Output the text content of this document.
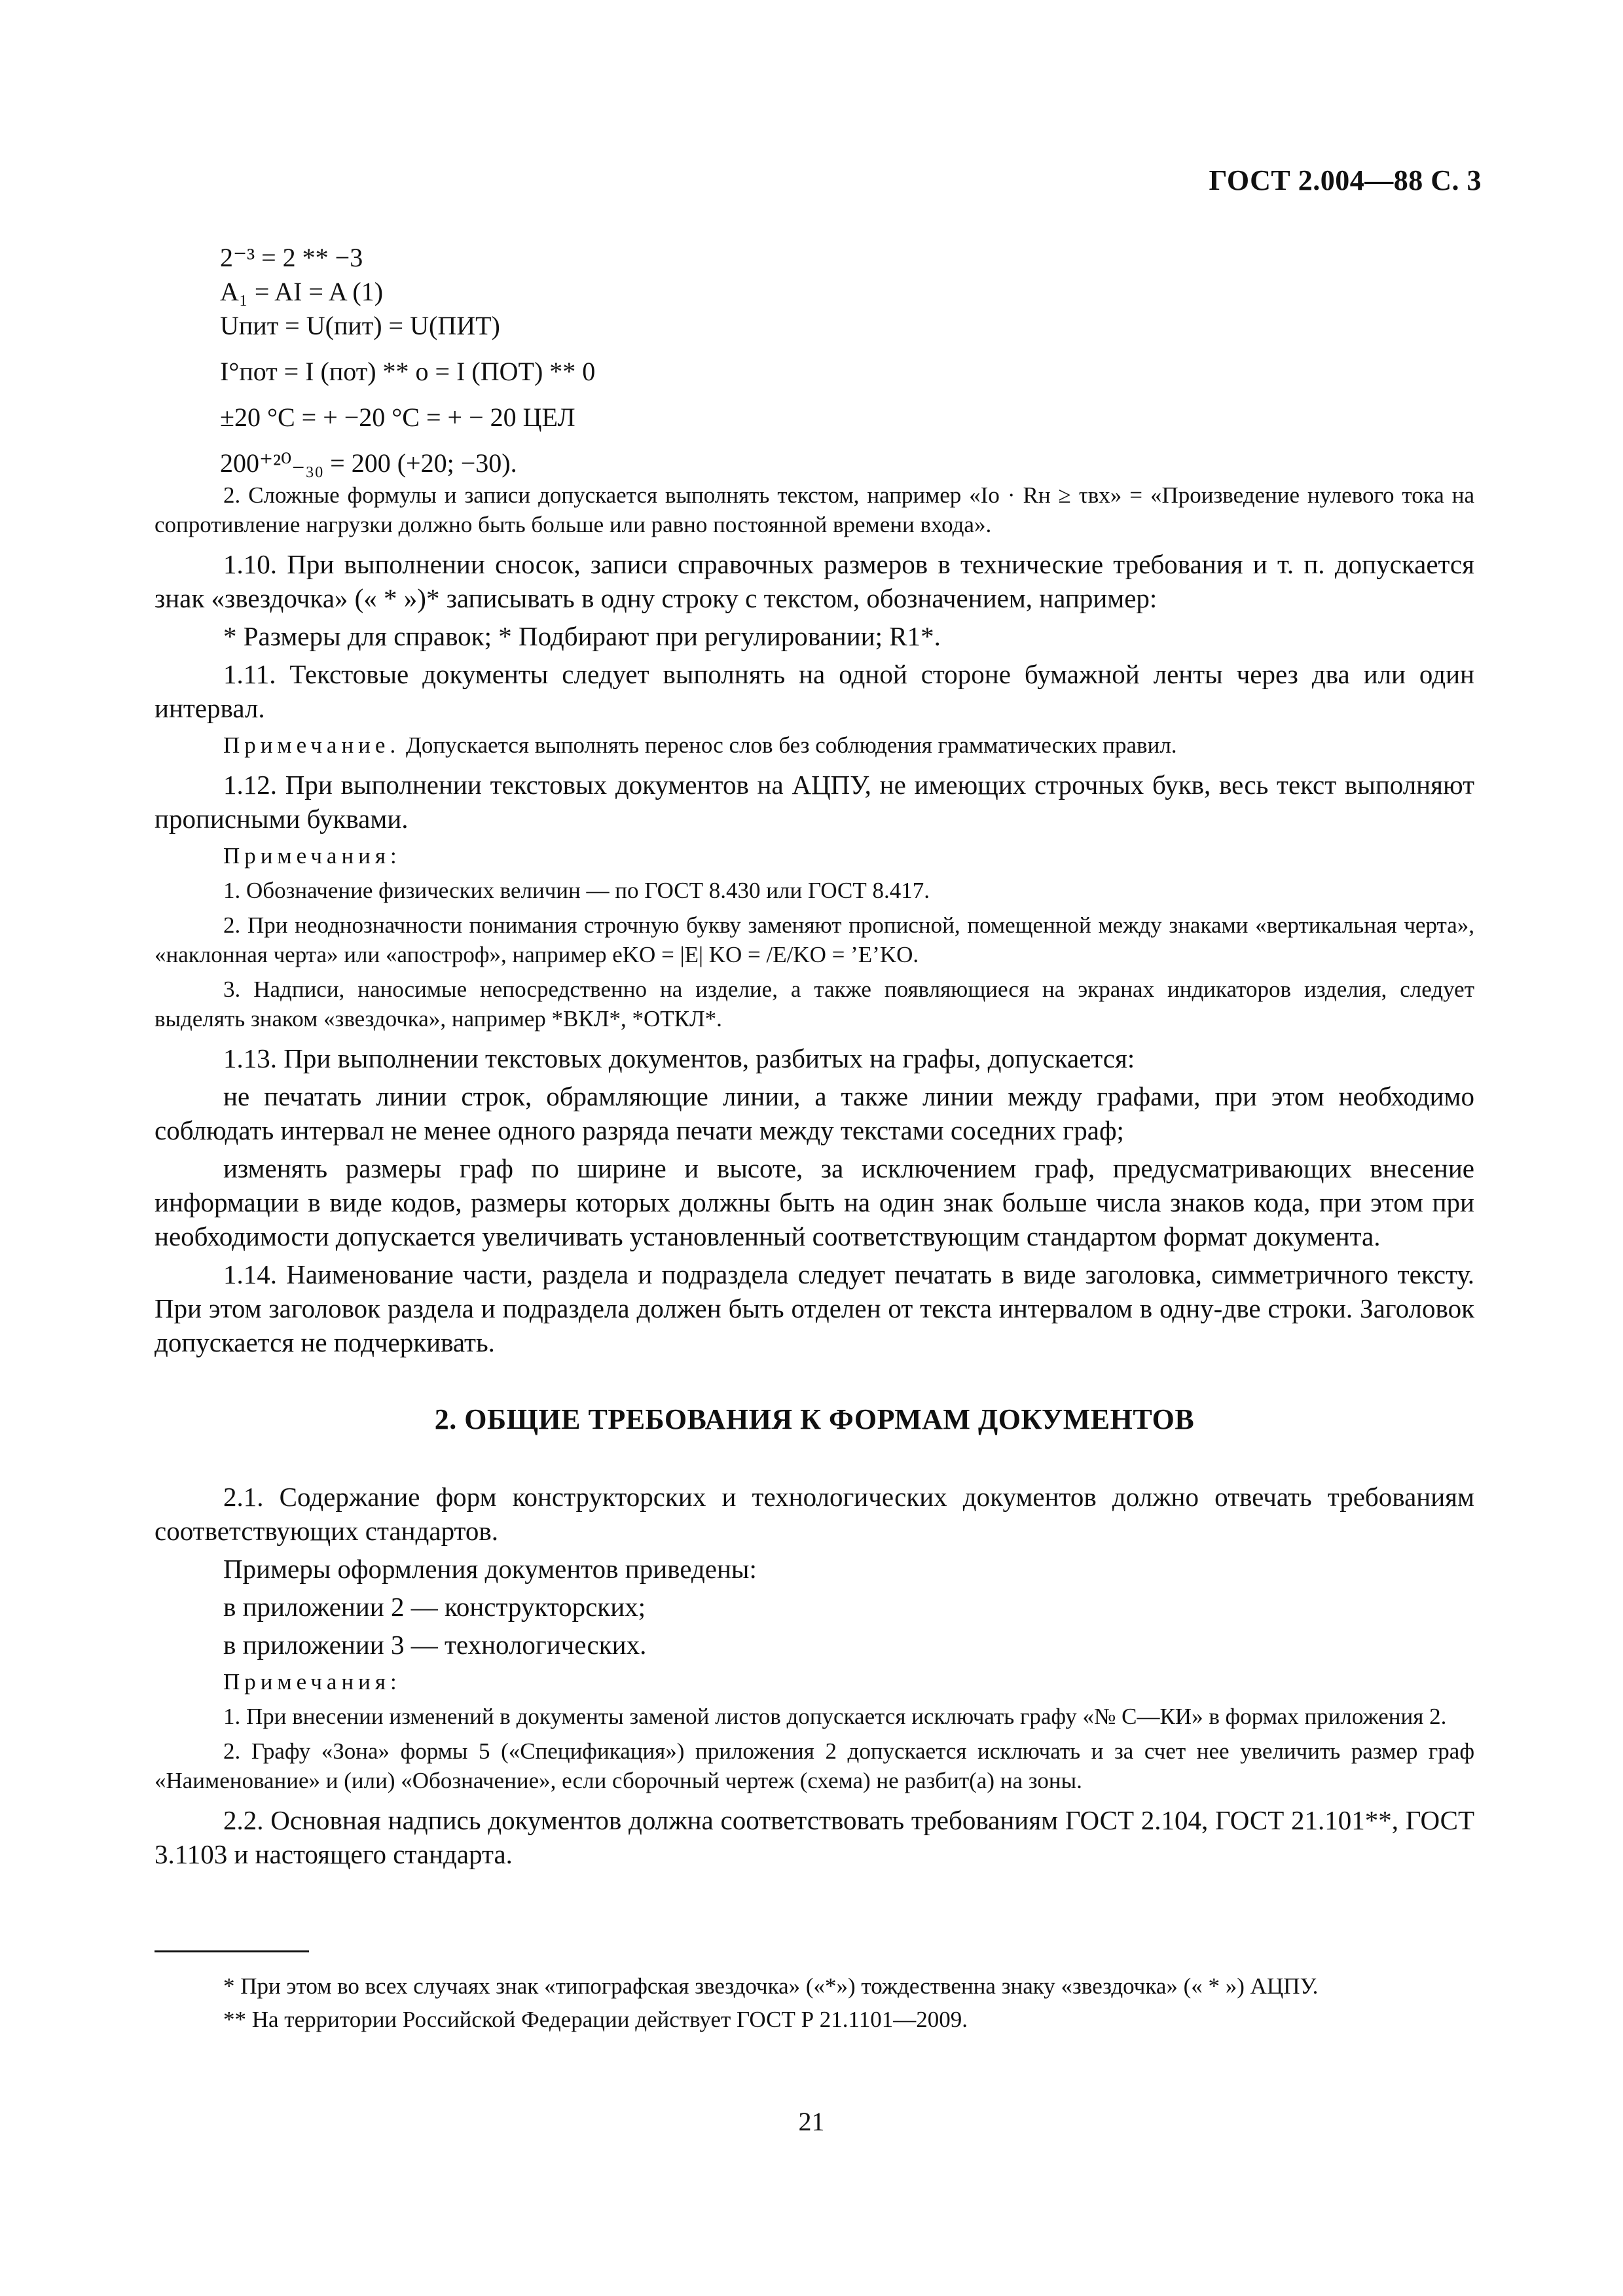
ГОСТ 2.004—88 С. 3
2⁻³ = 2 ** −3
A₁ = AI = A (1)
Uпит = U(пит) = U(ПИТ)
I°пот = I (пот) ** о = I (ПОТ) ** 0
±20 °C = + −20 °C = + − 20 ЦЕЛ
200⁺²⁰₋₃₀ = 200 (+20; −30).

2. Сложные формулы и записи допускается выполнять текстом, например «Io · Rн ≥ τвх» = «Произведение нулевого тока на сопротивление нагрузки должно быть больше или равно постоянной времени входа».

1.10. При выполнении сносок, записи справочных размеров в технические требования и т. п. допускается знак «звездочка» (« * »)* записывать в одну строку с текстом, обозначением, например:

* Размеры для справок; * Подбирают при регулировании; R1*.

1.11. Текстовые документы следует выполнять на одной стороне бумажной ленты через два или один интервал.

Примечание. Допускается выполнять перенос слов без соблюдения грамматических правил.

1.12. При выполнении текстовых документов на АЦПУ, не имеющих строчных букв, весь текст выполняют прописными буквами.

Примечания:

1. Обозначение физических величин — по ГОСТ 8.430 или ГОСТ 8.417.

2. При неоднозначности понимания строчную букву заменяют прописной, помещенной между знаками «вертикальная черта», «наклонная черта» или «апостроф», например eKO = |E| KO = /E/KO = ’E’KO.

3. Надписи, наносимые непосредственно на изделие, а также появляющиеся на экранах индикаторов изделия, следует выделять знаком «звездочка», например *ВКЛ*, *ОТКЛ*.

1.13. При выполнении текстовых документов, разбитых на графы, допускается:

не печатать линии строк, обрамляющие линии, а также линии между графами, при этом необходимо соблюдать интервал не менее одного разряда печати между текстами соседних граф;

изменять размеры граф по ширине и высоте, за исключением граф, предусматривающих внесение информации в виде кодов, размеры которых должны быть на один знак больше числа знаков кода, при этом при необходимости допускается увеличивать установленный соответствующим стандартом формат документа.

1.14. Наименование части, раздела и подраздела следует печатать в виде заголовка, симметричного тексту. При этом заголовок раздела и подраздела должен быть отделен от текста интервалом в одну-две строки. Заголовок допускается не подчеркивать.

2. ОБЩИЕ ТРЕБОВАНИЯ К ФОРМАМ ДОКУМЕНТОВ

2.1. Содержание форм конструкторских и технологических документов должно отвечать требованиям соответствующих стандартов.

Примеры оформления документов приведены:

в приложении 2 — конструкторских;

в приложении 3 — технологических.

Примечания:

1. При внесении изменений в документы заменой листов допускается исключать графу «№ С—КИ» в формах приложения 2.

2. Графу «Зона» формы 5 («Спецификация») приложения 2 допускается исключать и за счет нее увеличить размер граф «Наименование» и (или) «Обозначение», если сборочный чертеж (схема) не разбит(а) на зоны.

2.2. Основная надпись документов должна соответствовать требованиям ГОСТ 2.104, ГОСТ 21.101**, ГОСТ 3.1103 и настоящего стандарта.

* При этом во всех случаях знак «типографская звездочка» («*») тождественна знаку «звездочка» (« * ») АЦПУ.

** На территории Российской Федерации действует ГОСТ Р 21.1101—2009.

21
